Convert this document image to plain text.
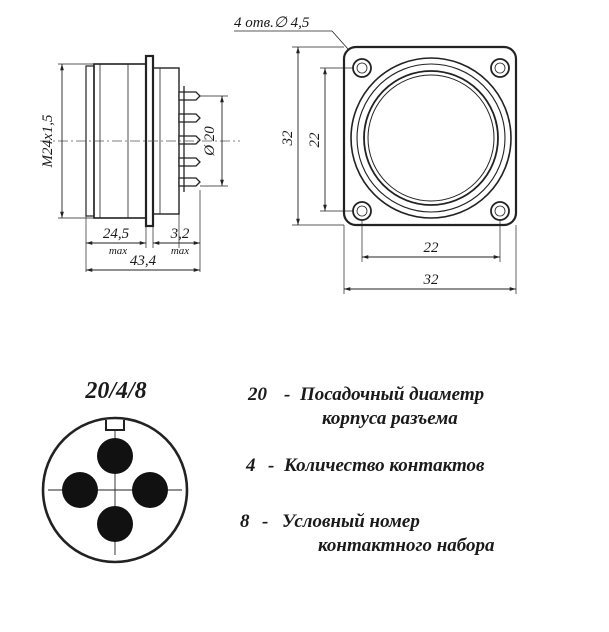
M24x1,5	Ø 20
24,5
max
3,2
max
43,4
4 отв.∅ 4,5
32 22
22
32
20/4/8	20 - Посадочный диаметр
корпуса разъема
4 - Количество контактов
8 - Условный номер
контактного набора
